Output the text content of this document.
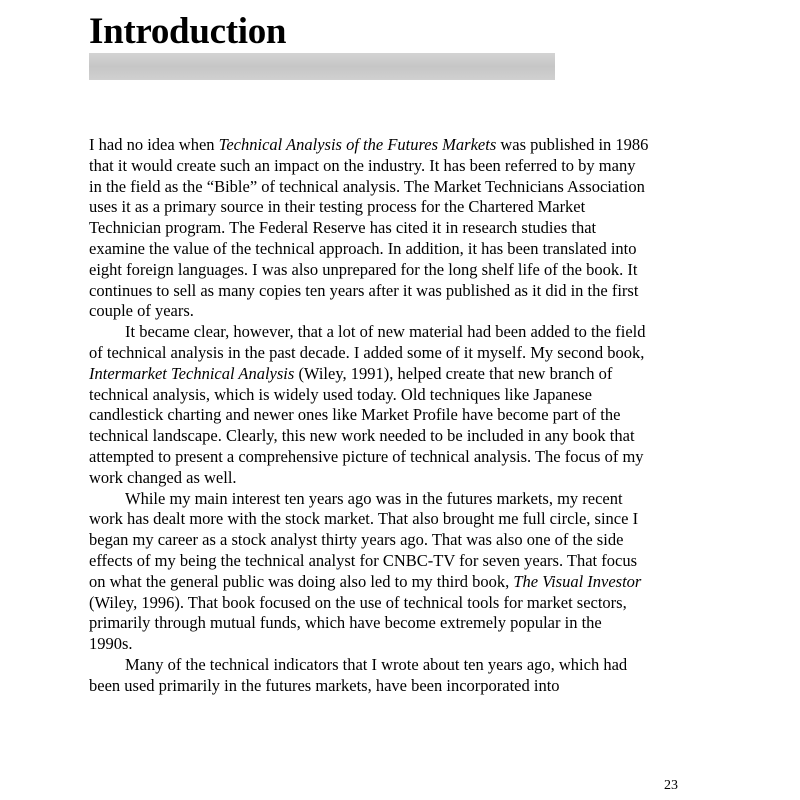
Introduction

I had no idea when Technical Analysis of the Futures Markets was published in 1986 that it would create such an impact on the industry. It has been referred to by many in the field as the “Bible” of technical analysis. The Market Technicians Association uses it as a primary source in their testing process for the Chartered Market Technician program. The Federal Reserve has cited it in research studies that examine the value of the technical approach. In addition, it has been translated into eight foreign languages. I was also unprepared for the long shelf life of the book. It continues to sell as many copies ten years after it was published as it did in the first couple of years.

It became clear, however, that a lot of new material had been added to the field of technical analysis in the past decade. I added some of it myself. My second book, Intermarket Technical Analysis (Wiley, 1991), helped create that new branch of technical analysis, which is widely used today. Old techniques like Japanese candlestick charting and newer ones like Market Profile have become part of the technical landscape. Clearly, this new work needed to be included in any book that attempted to present a comprehensive picture of technical analysis. The focus of my work changed as well.

While my main interest ten years ago was in the futures markets, my recent work has dealt more with the stock market. That also brought me full circle, since I began my career as a stock analyst thirty years ago. That was also one of the side effects of my being the technical analyst for CNBC-TV for seven years. That focus on what the general public was doing also led to my third book, The Visual Investor (Wiley, 1996). That book focused on the use of technical tools for market sectors, primarily through mutual funds, which have become extremely popular in the 1990s.

Many of the technical indicators that I wrote about ten years ago, which had been used primarily in the futures markets, have been incorporated into

23
